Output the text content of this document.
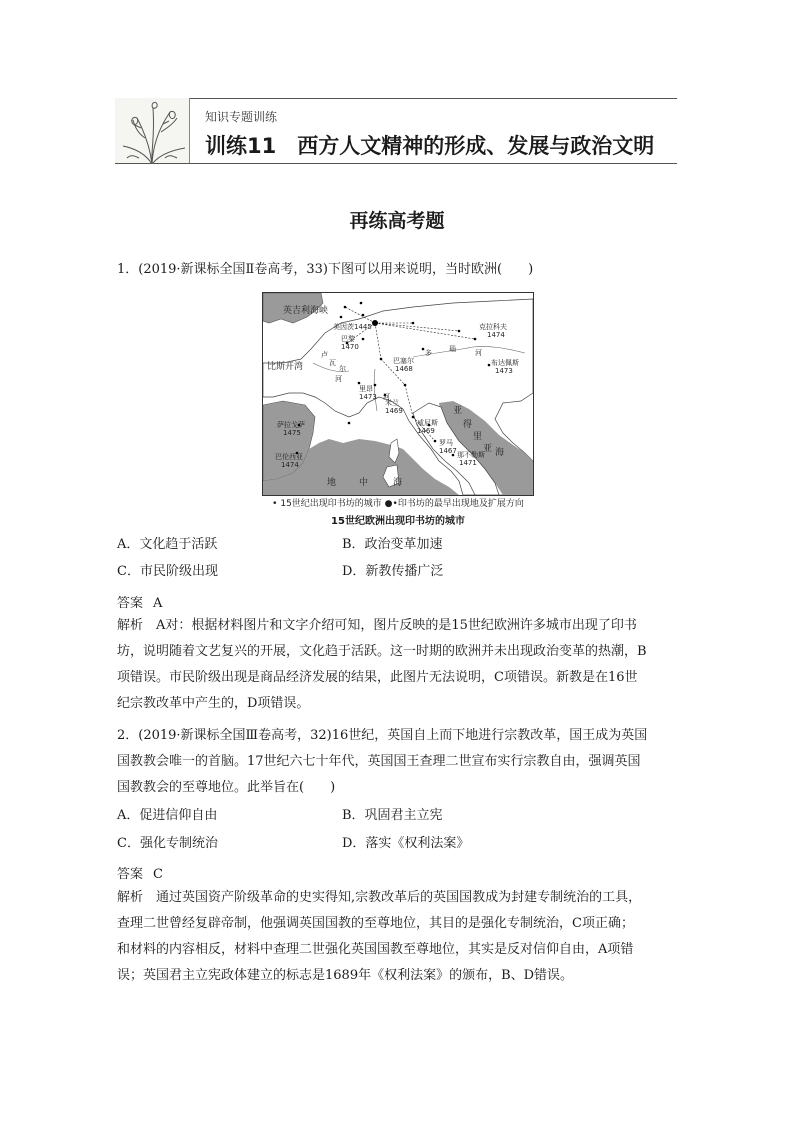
知识专题训练
训练11　西方人文精神的形成、发展与政治文明
再练高考题
1．(2019·新课标全国Ⅱ卷高考，33)下图可以用来说明，当时欧洲(　　)
英吉利海峡
比斯开湾
地	中	海
亚
得
里
亚 海
卢
瓦
尔
河
多 瑙	河
河
巴黎
1470
萨拉戈萨
1475
巴伦西亚
1474
罗马
1467 那不勒斯
1471
威尼斯
1469
米兰
1469
克拉科夫
1474
布达佩斯
1473
美因茨1445
巴塞尔
1468
里昂
1473
• 15世纪出现印书坊的城市 ●•印书坊的最早出现地及扩展方向
15世纪欧洲出现印书坊的城市
A．文化趋于活跃	B．政治变革加速
C．市民阶级出现	D．新教传播广泛
答案 A
解析　A对：根据材料图片和文字介绍可知，图片反映的是15世纪欧洲许多城市出现了印书
坊，说明随着文艺复兴的开展，文化趋于活跃。这一时期的欧洲并未出现政治变革的热潮，B
项错误。市民阶级出现是商品经济发展的结果，此图片无法说明，C项错误。新教是在16世
纪宗教改革中产生的，D项错误。
2．(2019·新课标全国Ⅲ卷高考，32)16世纪，英国自上而下地进行宗教改革，国王成为英国
国教教会唯一的首脑。17世纪六七十年代，英国国王查理二世宣布实行宗教自由，强调英国
国教教会的至尊地位。此举旨在(　　)
A．促进信仰自由	B．巩固君主立宪
C．强化专制统治	D．落实《权利法案》
答案 C
解析　通过英国资产阶级革命的史实得知,宗教改革后的英国国教成为封建专制统治的工具，
查理二世曾经复辟帝制，他强调英国国教的至尊地位，其目的是强化专制统治，C项正确；
和材料的内容相反，材料中查理二世强化英国国教至尊地位，其实是反对信仰自由，A项错
误；英国君主立宪政体建立的标志是1689年《权利法案》的颁布，B、D错误。
